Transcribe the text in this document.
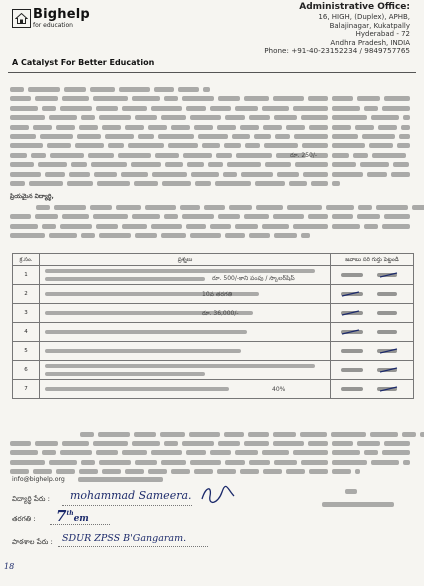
Bighelp
for education
A Catalyst For Better Education
Administrative Office:
16, HIGH, (Duplex), APHB,
Balajinagar, Kukatpally
Hyderabad - 72
Andhra Pradesh, INDIA
Phone: +91-40-23152234 / 9849757765
రూ. 250/-
ప్రియమైన విద్యార్థి,
క్ర.సం.	ప్రశ్నలు	జవాబు సరి గుర్తు పెట్టండి
1	రూ. 500/-కాని పంపు / స్కాలర్‌షిప్

2	10వ తరగతి

3	రూ. 36,000/-

4	

5	

6	

7	40%

info@bighelp.org
విద్యార్థి పేరు : mohammad Sameera.
తరగతి : 7them
పాఠశాల పేరు : SDUR ZPSS B'Gangaram.
18
